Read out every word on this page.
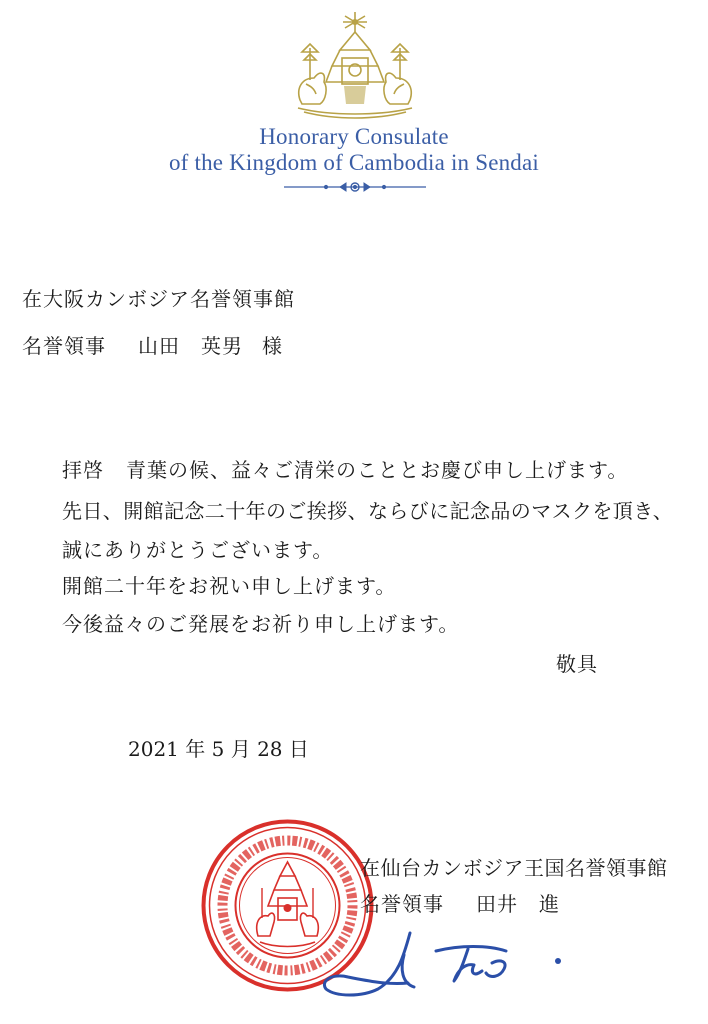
Honorary Consulate
of the Kingdom of Cambodia in Sendai
在大阪カンボジア名誉領事館
名誉領事 山田　英男 様
拝啓 青葉の候、益々ご清栄のこととお慶び申し上げます。
先日、開館記念二十年のご挨拶、ならびに記念品のマスクを頂き、
誠にありがとうございます。
開館二十年をお祝い申し上げます。
今後益々のご発展をお祈り申し上げます。
敬具
2021 年 5 月 28 日
在仙台カンボジア王国名誉領事館
名誉領事 田井　進
